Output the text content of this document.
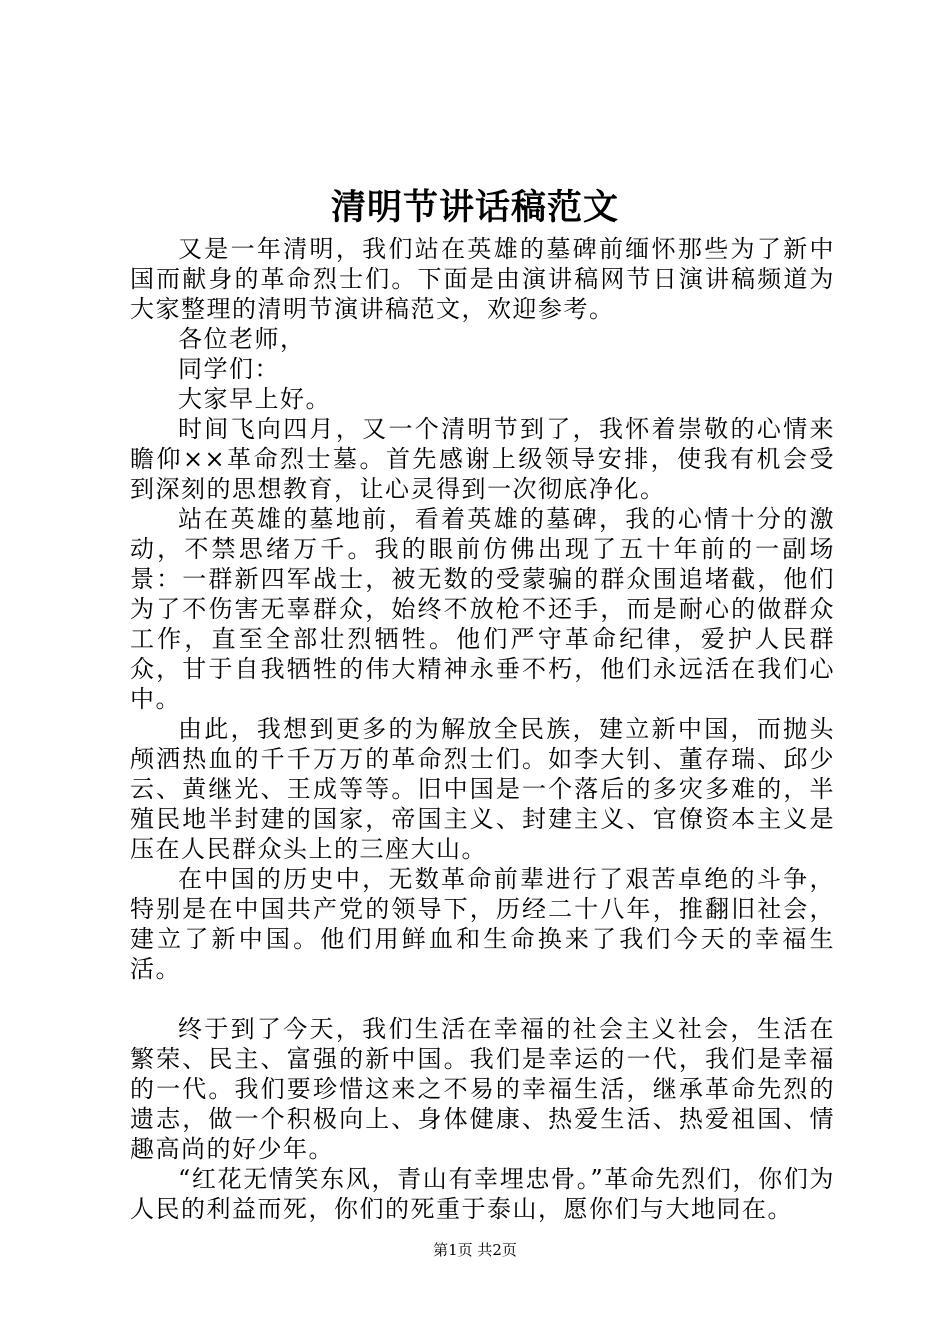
清明节讲话稿范文

又是一年清明，我们站在英雄的墓碑前缅怀那些为了新中国而献身的革命烈士们。下面是由演讲稿网节日演讲稿频道为大家整理的清明节演讲稿范文，欢迎参考。

各位老师，

同学们：

大家早上好。

时间飞向四月，又一个清明节到了，我怀着崇敬的心情来瞻仰××革命烈士墓。首先感谢上级领导安排，使我有机会受到深刻的思想教育，让心灵得到一次彻底净化。

站在英雄的墓地前，看着英雄的墓碑，我的心情十分的激动，不禁思绪万千。我的眼前仿佛出现了五十年前的一副场景：一群新四军战士，被无数的受蒙骗的群众围追堵截，他们为了不伤害无辜群众，始终不放枪不还手，而是耐心的做群众工作，直至全部壮烈牺牲。他们严守革命纪律，爱护人民群众，甘于自我牺牲的伟大精神永垂不朽，他们永远活在我们心中。

由此，我想到更多的为解放全民族，建立新中国，而抛头颅洒热血的千千万万的革命烈士们。如李大钊、董存瑞、邱少云、黄继光、王成等等。旧中国是一个落后的多灾多难的，半殖民地半封建的国家，帝国主义、封建主义、官僚资本主义是压在人民群众头上的三座大山。

在中国的历史中，无数革命前辈进行了艰苦卓绝的斗争，特别是在中国共产党的领导下，历经二十八年，推翻旧社会，建立了新中国。他们用鲜血和生命换来了我们今天的幸福生活。

终于到了今天，我们生活在幸福的社会主义社会，生活在繁荣、民主、富强的新中国。我们是幸运的一代，我们是幸福的一代。我们要珍惜这来之不易的幸福生活，继承革命先烈的遗志，做一个积极向上、身体健康、热爱生活、热爱祖国、情趣高尚的好少年。

“红花无情笑东风，青山有幸埋忠骨。”革命先烈们，你们为人民的利益而死，你们的死重于泰山，愿你们与大地同在。

第1页 共2页
